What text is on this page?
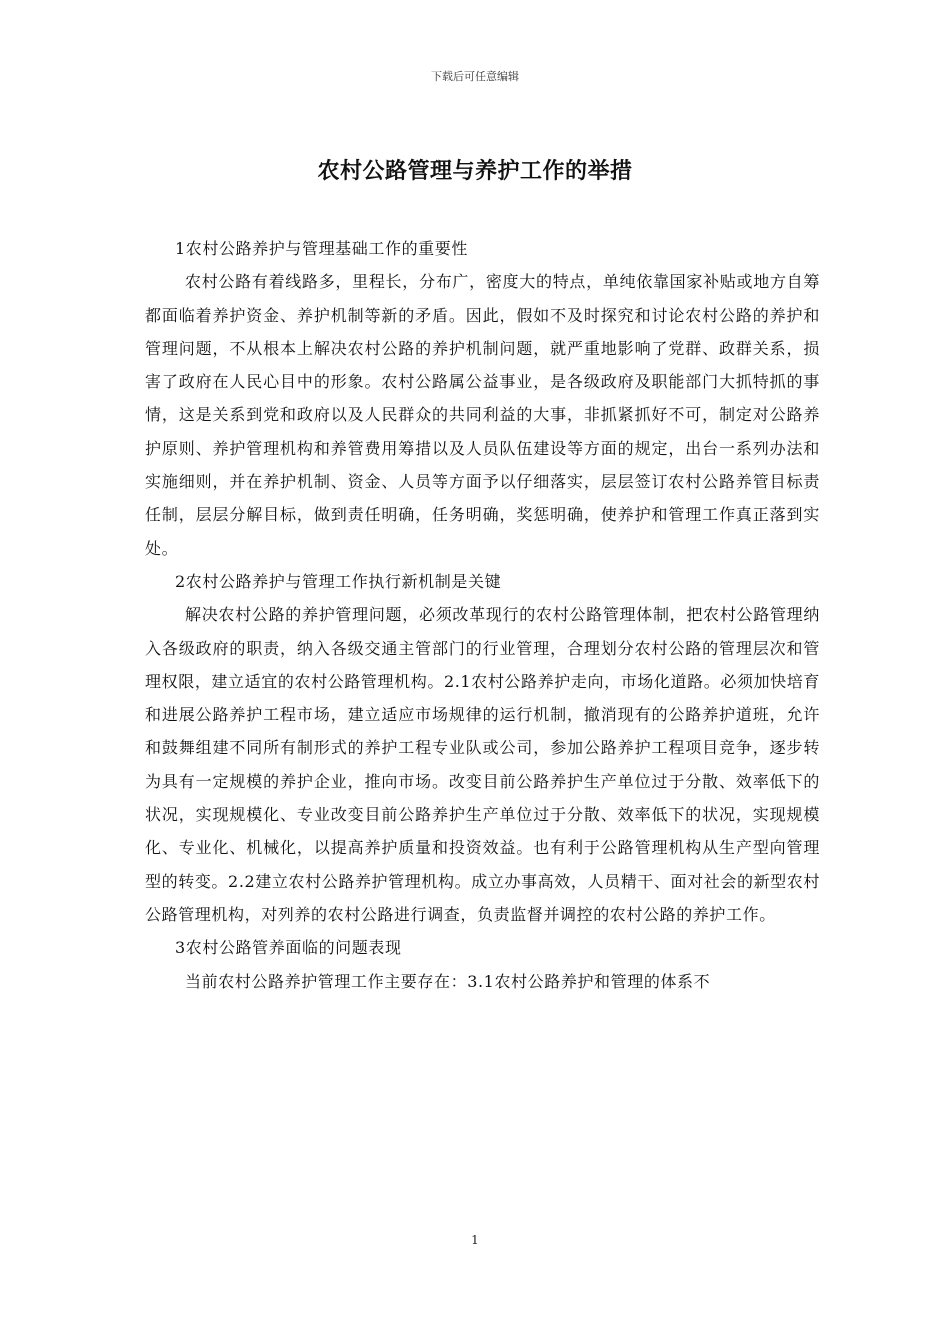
下载后可任意编辑
农村公路管理与养护工作的举措

1农村公路养护与管理基础工作的重要性

农村公路有着线路多，里程长，分布广，密度大的特点，单纯依靠国家补贴或地方自筹都面临着养护资金、养护机制等新的矛盾。因此，假如不及时探究和讨论农村公路的养护和管理问题，不从根本上解决农村公路的养护机制问题，就严重地影响了党群、政群关系，损害了政府在人民心目中的形象。农村公路属公益事业，是各级政府及职能部门大抓特抓的事情，这是关系到党和政府以及人民群众的共同利益的大事，非抓紧抓好不可，制定对公路养护原则、养护管理机构和养管费用筹措以及人员队伍建设等方面的规定，出台一系列办法和实施细则，并在养护机制、资金、人员等方面予以仔细落实，层层签订农村公路养管目标责任制，层层分解目标，做到责任明确，任务明确，奖惩明确，使养护和管理工作真正落到实处。

2农村公路养护与管理工作执行新机制是关键

解决农村公路的养护管理问题，必须改革现行的农村公路管理体制，把农村公路管理纳入各级政府的职责，纳入各级交通主管部门的行业管理，合理划分农村公路的管理层次和管理权限，建立适宜的农村公路管理机构。2.1农村公路养护走向，市场化道路。必须加快培育和进展公路养护工程市场，建立适应市场规律的运行机制，撤消现有的公路养护道班，允许和鼓舞组建不同所有制形式的养护工程专业队或公司，参加公路养护工程项目竞争，逐步转为具有一定规模的养护企业，推向市场。改变目前公路养护生产单位过于分散、效率低下的状况，实现规模化、专业改变目前公路养护生产单位过于分散、效率低下的状况，实现规模化、专业化、机械化，以提高养护质量和投资效益。也有利于公路管理机构从生产型向管理型的转变。2.2建立农村公路养护管理机构。成立办事高效，人员精干、面对社会的新型农村公路管理机构，对列养的农村公路进行调查，负责监督并调控的农村公路的养护工作。

3农村公路管养面临的问题表现

当前农村公路养护管理工作主要存在：3.1农村公路养护和管理的体系不

1
